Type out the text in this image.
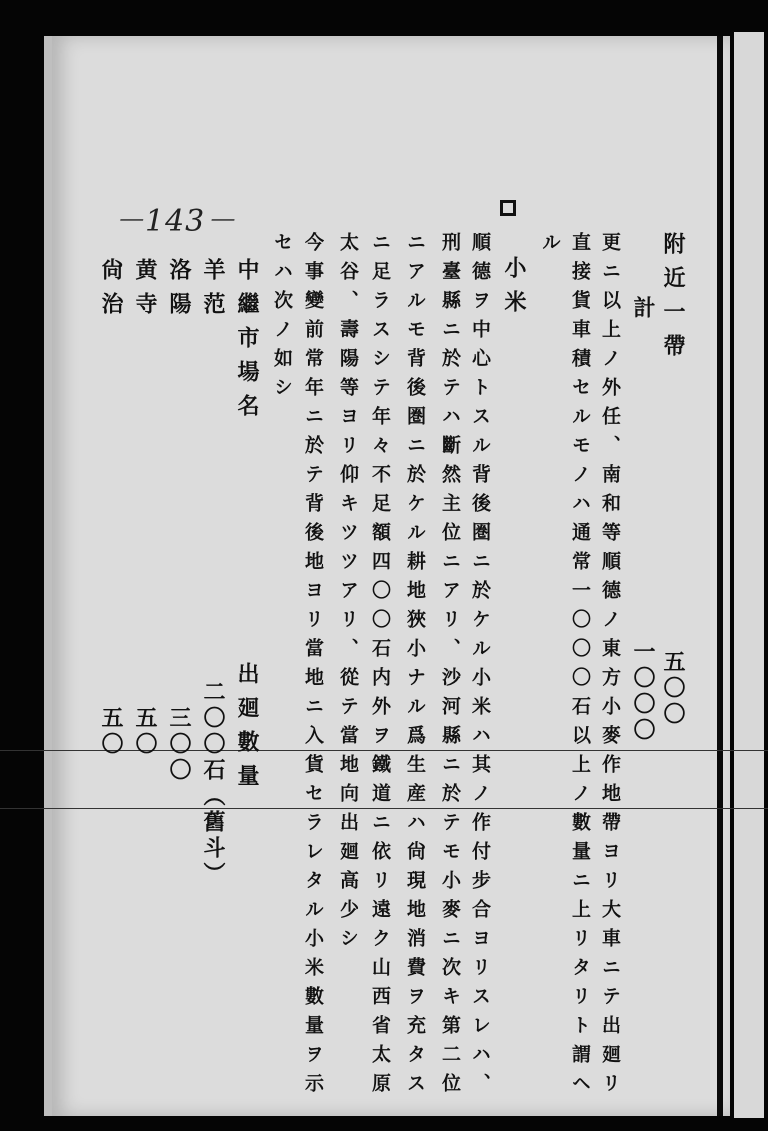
－143－
附近一帶
五〇〇
計
一〇〇〇
更ニ以上ノ外任、南和等順德ノ東方小麥作地帶ヨリ大車ニテ出廻リ
直接貨車積セルモノハ通常一〇〇〇石以上ノ數量ニ上リタリト謂ヘ
ル
小米
順德ヲ中心トスル背後圏ニ於ケル小米ハ其ノ作付步合ヨリスレハ、
刑臺縣ニ於テハ斷然主位ニアリ、沙河縣ニ於テモ小麥ニ次キ第二位
ニアルモ背後圏ニ於ケル耕地狹小ナル爲生産ハ尙現地消費ヲ充タス
ニ足ラスシテ年々不足額四〇〇石内外ヲ鐵道ニ依リ遠ク山西省太原
太谷、壽陽等ヨリ仰キツツアリ、從テ當地向出廻高少シ
今事變前常年ニ於テ背後地ヨリ當地ニ入貨セラレタル小米數量ヲ示
セハ次ノ如シ
中繼市場名
出廻數量
羊范
二〇〇石（舊斗）
洛陽
三〇〇
黄寺
五〇
尙治
五〇
